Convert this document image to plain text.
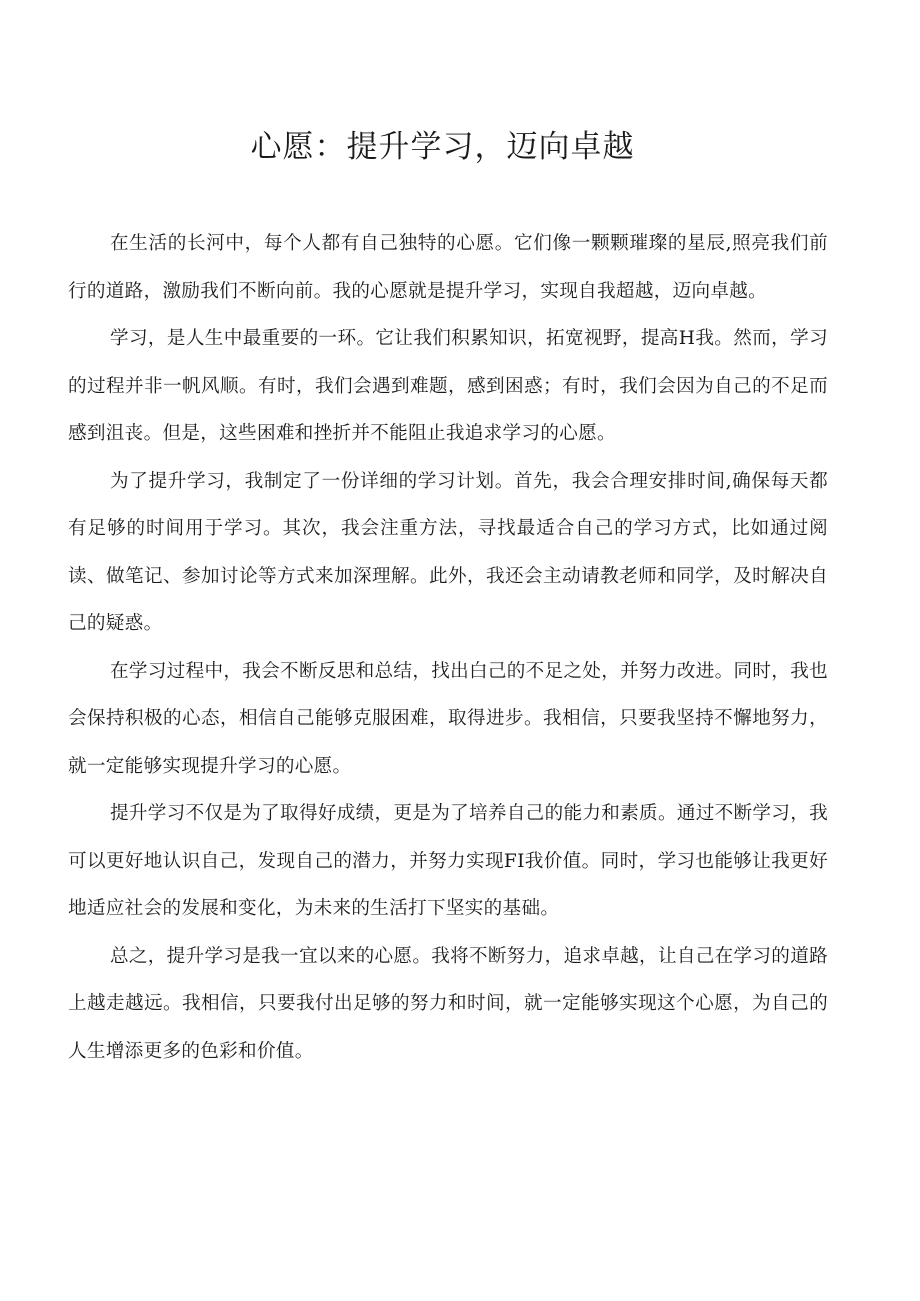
心愿：提升学习，迈向卓越

在生活的长河中，每个人都有自己独特的心愿。它们像一颗颗璀璨的星辰,照亮我们前行的道路，激励我们不断向前。我的心愿就是提升学习，实现自我超越，迈向卓越。

学习，是人生中最重要的一环。它让我们积累知识，拓宽视野，提高H我。然而，学习的过程并非一帆风顺。有时，我们会遇到难题，感到困惑；有时，我们会因为自己的不足而感到沮丧。但是，这些困难和挫折并不能阻止我追求学习的心愿。

为了提升学习，我制定了一份详细的学习计划。首先，我会合理安排时间,确保每天都有足够的时间用于学习。其次，我会注重方法，寻找最适合自己的学习方式，比如通过阅读、做笔记、参加讨论等方式来加深理解。此外，我还会主动请教老师和同学，及时解决自己的疑惑。

在学习过程中，我会不断反思和总结，找出白己的不足之处，并努力改进。同时，我也会保持积极的心态，相信自己能够克服困难，取得进步。我相信，只要我坚持不懈地努力，就一定能够实现提升学习的心愿。

提升学习不仅是为了取得好成绩，更是为了培养自己的能力和素质。通过不断学习，我可以更好地认识自己，发现自己的潜力，并努力实现FI我价值。同时，学习也能够让我更好地适应社会的发展和变化，为未来的生活打下坚实的基础。

总之，提升学习是我一宜以来的心愿。我将不断努力，追求卓越，让自己在学习的道路上越走越远。我相信，只要我付出足够的努力和时间，就一定能够实现这个心愿，为自己的人生增添更多的色彩和价值。
